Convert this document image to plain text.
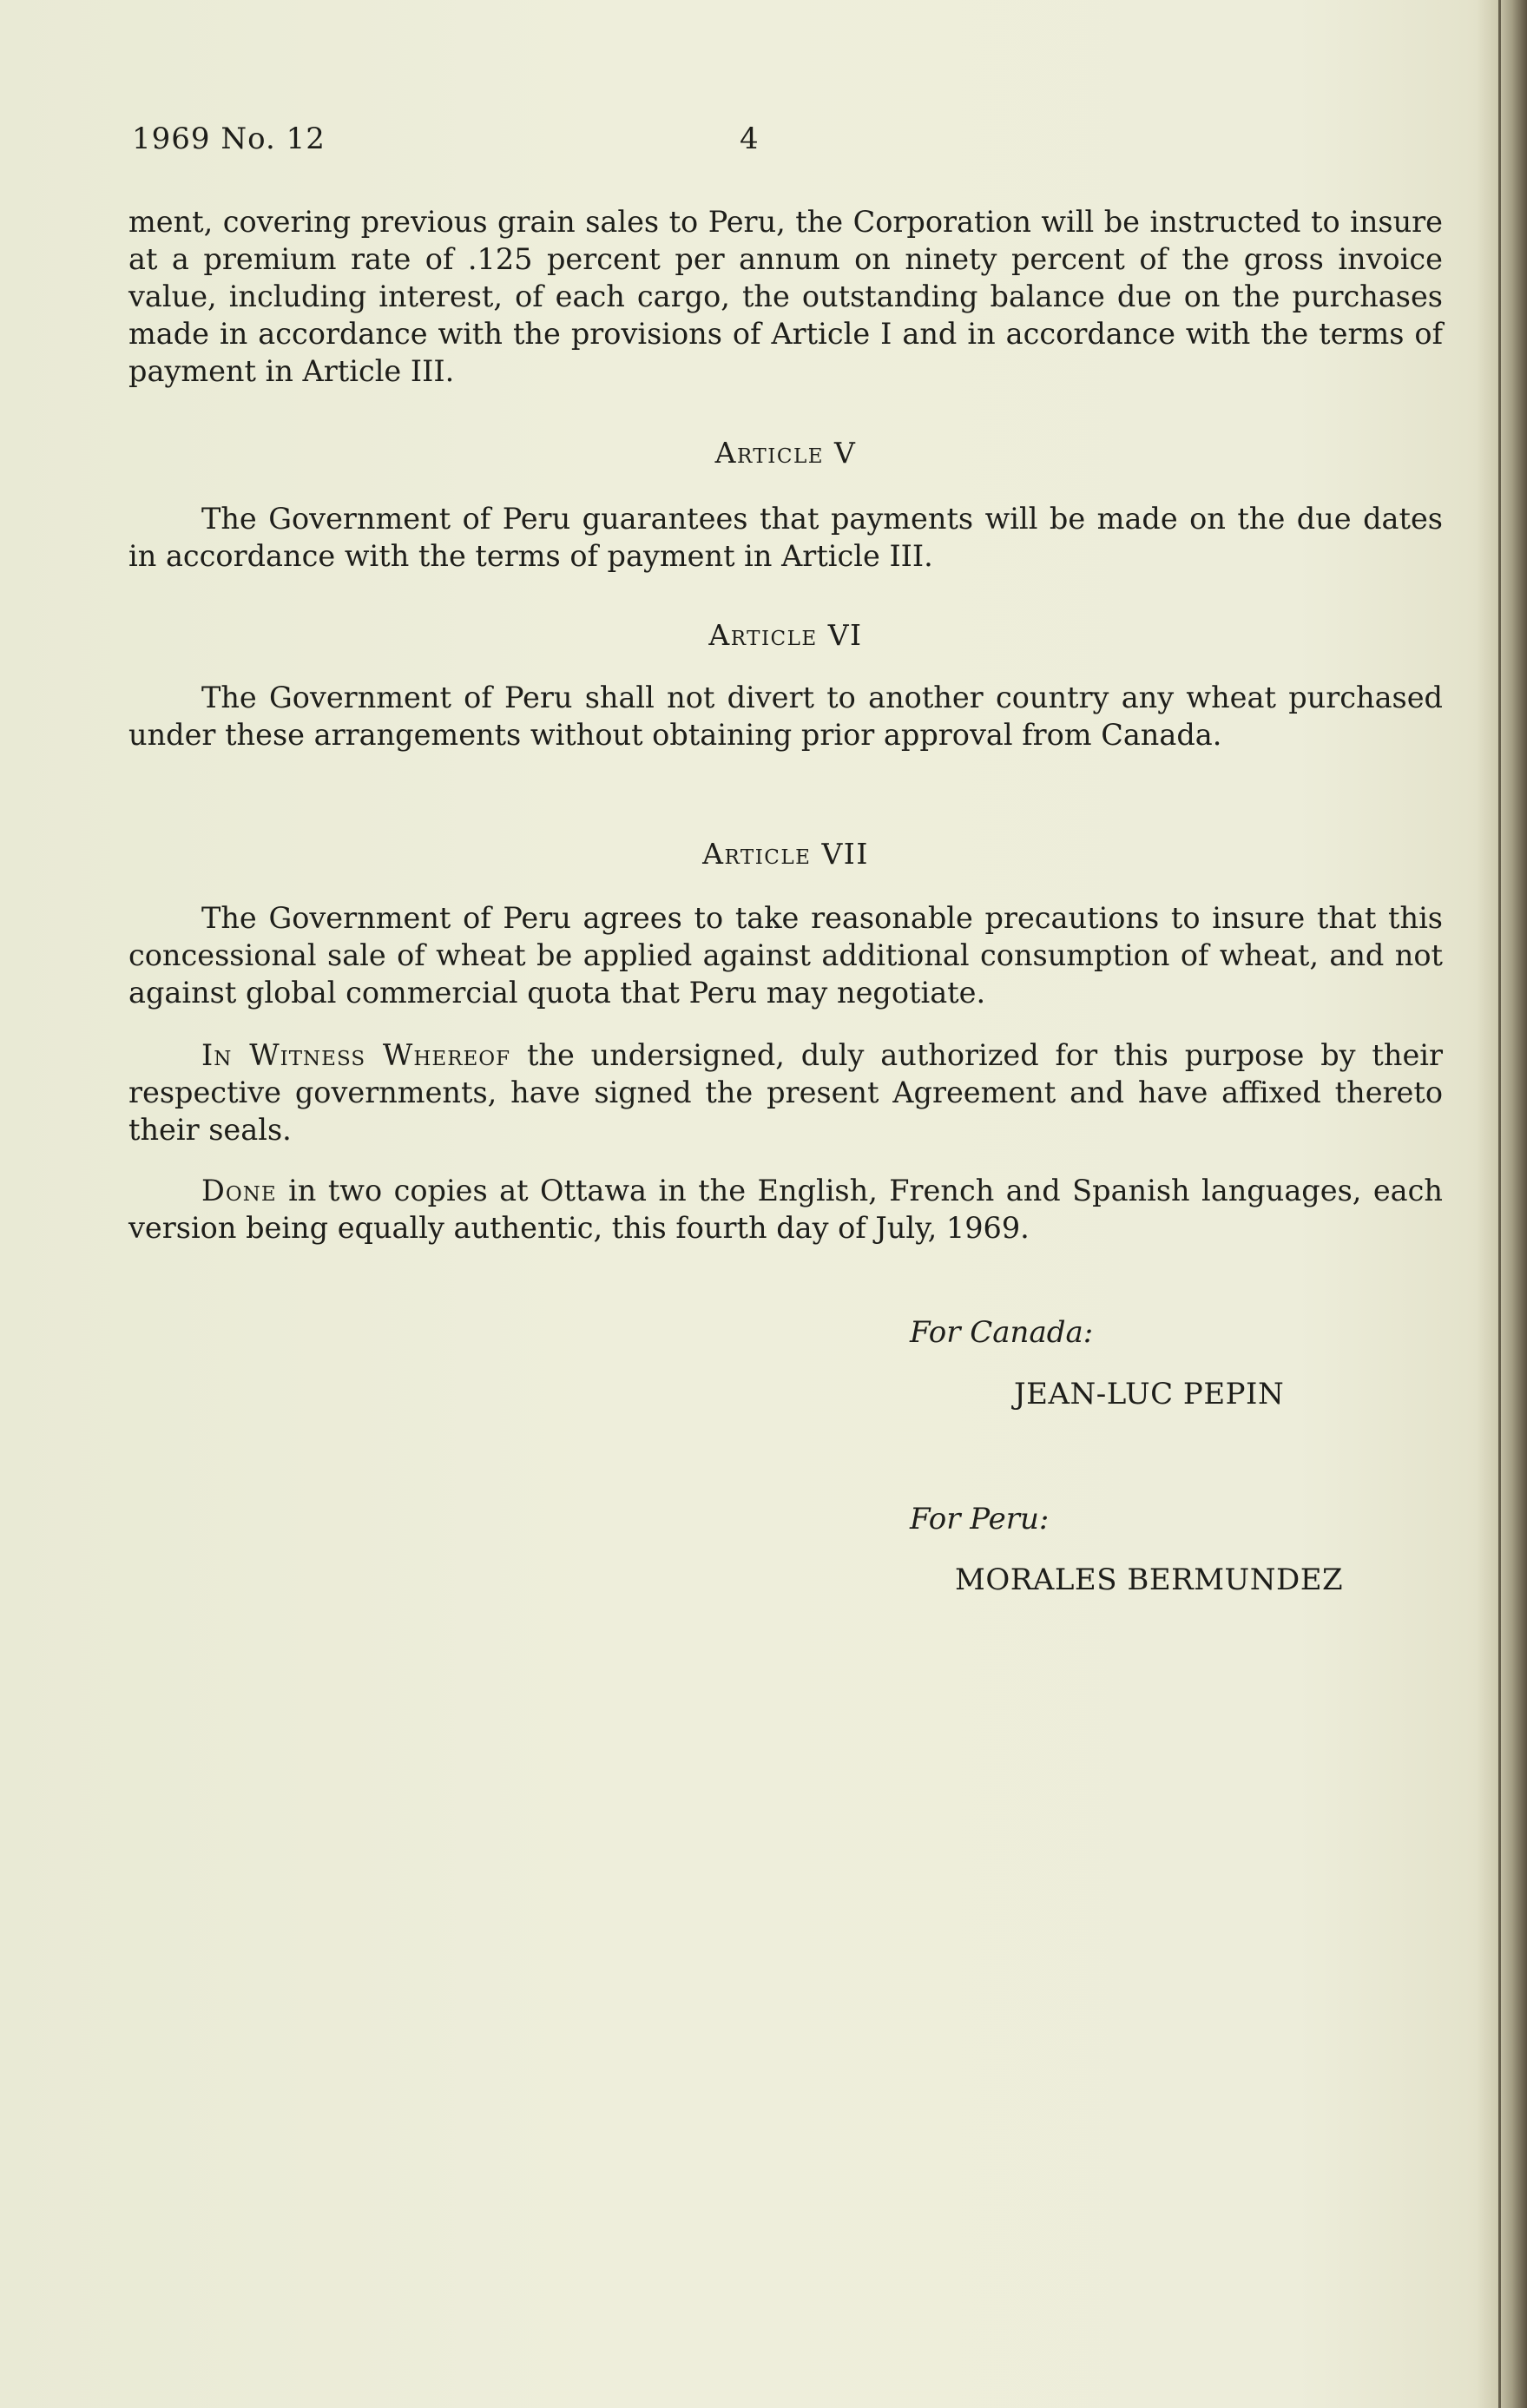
1969 No. 12	4

ment, covering previous grain sales to Peru, the Corporation will be instructed to insure at a premium rate of .125 percent per annum on ninety percent of the gross invoice value, including interest, of each cargo, the outstanding balance due on the purchases made in accordance with the provisions of Article I and in accordance with the terms of payment in Article III.

Article V

The Government of Peru guarantees that payments will be made on the due dates in accordance with the terms of payment in Article III.

Article VI

The Government of Peru shall not divert to another country any wheat purchased under these arrangements without obtaining prior approval from Canada.

Article VII

The Government of Peru agrees to take reasonable precautions to insure that this concessional sale of wheat be applied against additional consumption of wheat, and not against global commercial quota that Peru may negotiate.

In Witness Whereof the undersigned, duly authorized for this purpose by their respective governments, have signed the present Agreement and have affixed thereto their seals.

Done in two copies at Ottawa in the English, French and Spanish languages, each version being equally authentic, this fourth day of July, 1969.

For Canada:
JEAN-LUC PEPIN
For Peru:
MORALES BERMUNDEZ
